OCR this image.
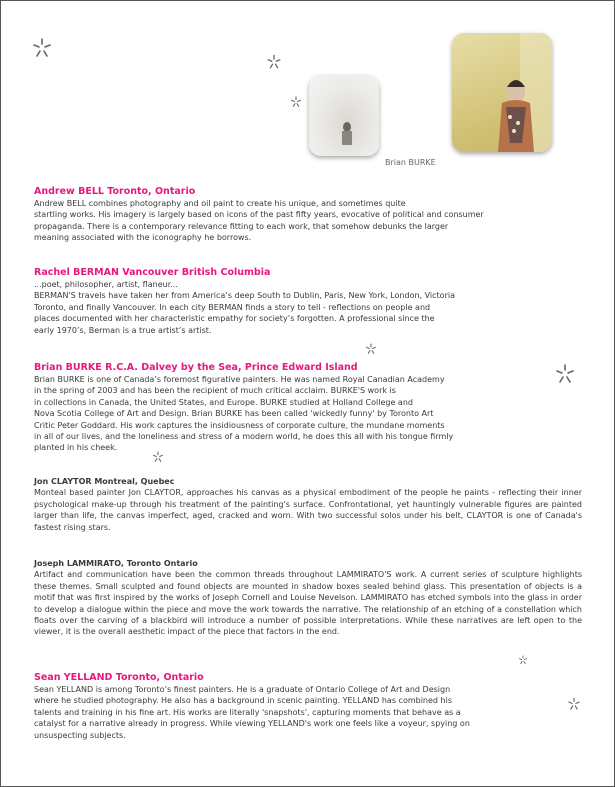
Brian BURKE

Andrew BELL Toronto, Ontario

Andrew BELL combines photography and oil paint to create his unique, and sometimes quite

startling works. His imagery is largely based on icons of the past fifty years, evocative of political and consumer

propaganda. There is a contemporary relevance fitting to each work, that somehow debunks the larger

meaning associated with the iconography he borrows.

Rachel BERMAN Vancouver British Columbia

...poet, philosopher, artist, flaneur...

BERMAN'S travels have taken her from America’s deep South to Dublin, Paris, New York, London, Victoria

Toronto, and finally Vancouver. In each city BERMAN finds a story to tell - reflections on people and

places documented with her characteristic empathy for society’s forgotten. A professional since the

early 1970’s, Berman is a true artist’s artist.

Brian BURKE R.C.A. Dalvey by the Sea, Prince Edward Island

Brian BURKE is one of Canada’s foremost figurative painters. He was named Royal Canadian Academy

in the spring of 2003 and has been the recipient of much critical acclaim. BURKE'S work is

in collections in Canada, the United States, and Europe. BURKE studied at Holland College and

Nova Scotia College of Art and Design. Brian BURKE has been called 'wickedly funny' by Toronto Art

Critic Peter Goddard. His work captures the insidiousness of corporate culture, the mundane moments

in all of our lives, and the loneliness and stress of a modern world, he does this all with his tongue firmly

planted in his cheek.

Jon CLAYTOR Montreal, Quebec

Monteal based painter Jon CLAYTOR, approaches his canvas as a physical embodiment of the people he paints - reflecting their inner psychological make-up through his treatment of the painting's surface. Confrontational, yet hauntingly vulnerable figures are painted larger than life, the canvas imperfect, aged, cracked and worn. With two successful solos under his belt, CLAYTOR is one of Canada's fastest rising stars.

Joseph LAMMIRATO, Toronto Ontario

Artifact and communication have been the common threads throughout LAMMIRATO'S work. A current series of sculpture highlights these themes. Small sculpted and found objects are mounted in shadow boxes sealed behind glass. This presentation of objects is a motif that was first inspired by the works of Joseph Cornell and Louise Nevelson. LAMMIRATO has etched symbols into the glass in order to develop a dialogue within the piece and move the work towards the narrative. The relationship of an etching of a constellation which floats over the carving of a blackbird will introduce a number of possible interpretations. While these narratives are left open to the viewer, it is the overall aesthetic impact of the piece that factors in the end.

Sean YELLAND Toronto, Ontario

Sean YELLAND is among Toronto’s finest painters. He is a graduate of Ontario College of Art and Design

where he studied photography. He also has a background in scenic painting. YELLAND has combined his

talents and training in his fine art. His works are literally 'snapshots', capturing moments that behave as a

catalyst for a narrative already in progress. While viewing YELLAND's work one feels like a voyeur, spying on

unsuspecting subjects.
